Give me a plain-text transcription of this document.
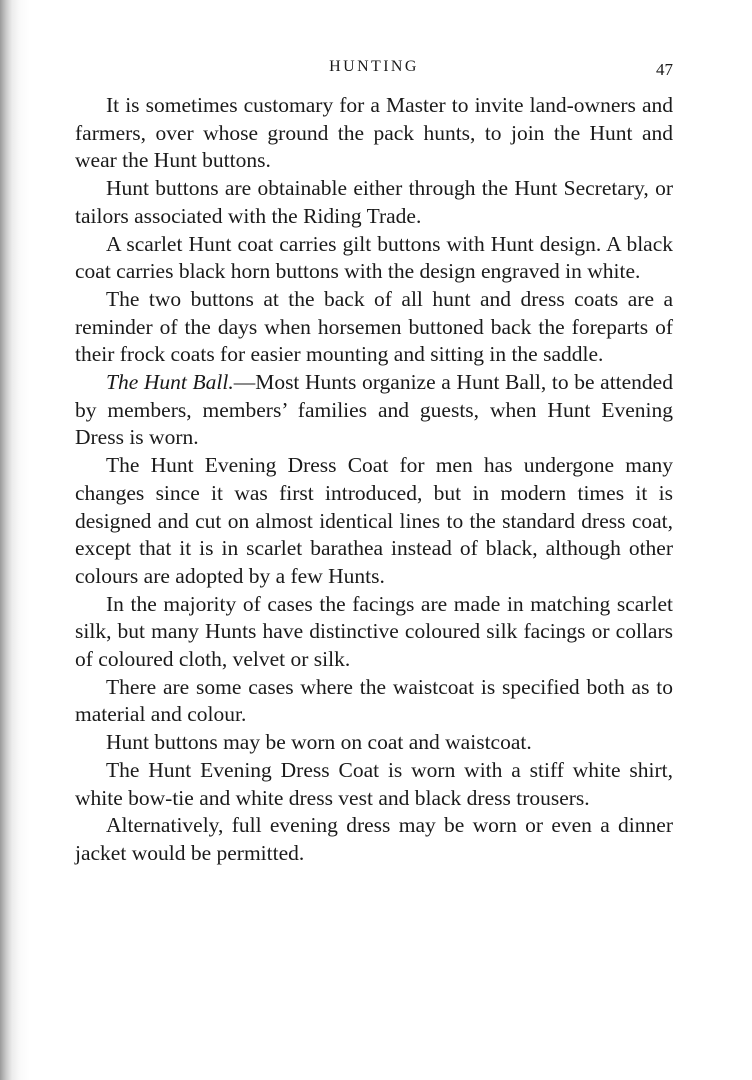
HUNTING	47

It is sometimes customary for a Master to invite land-owners and farmers, over whose ground the pack hunts, to join the Hunt and wear the Hunt buttons.

Hunt buttons are obtainable either through the Hunt Secretary, or tailors associated with the Riding Trade.

A scarlet Hunt coat carries gilt buttons with Hunt design. A black coat carries black horn buttons with the design engraved in white.

The two buttons at the back of all hunt and dress coats are a reminder of the days when horsemen buttoned back the foreparts of their frock coats for easier mounting and sitting in the saddle.

The Hunt Ball.—Most Hunts organize a Hunt Ball, to be attended by members, members’ families and guests, when Hunt Evening Dress is worn.

The Hunt Evening Dress Coat for men has undergone many changes since it was first introduced, but in modern times it is designed and cut on almost identical lines to the standard dress coat, except that it is in scarlet barathea instead of black, although other colours are adopted by a few Hunts.

In the majority of cases the facings are made in matching scarlet silk, but many Hunts have distinctive coloured silk facings or collars of coloured cloth, velvet or silk.

There are some cases where the waistcoat is specified both as to material and colour.

Hunt buttons may be worn on coat and waistcoat.

The Hunt Evening Dress Coat is worn with a stiff white shirt, white bow-tie and white dress vest and black dress trousers.

Alternatively, full evening dress may be worn or even a dinner jacket would be permitted.
